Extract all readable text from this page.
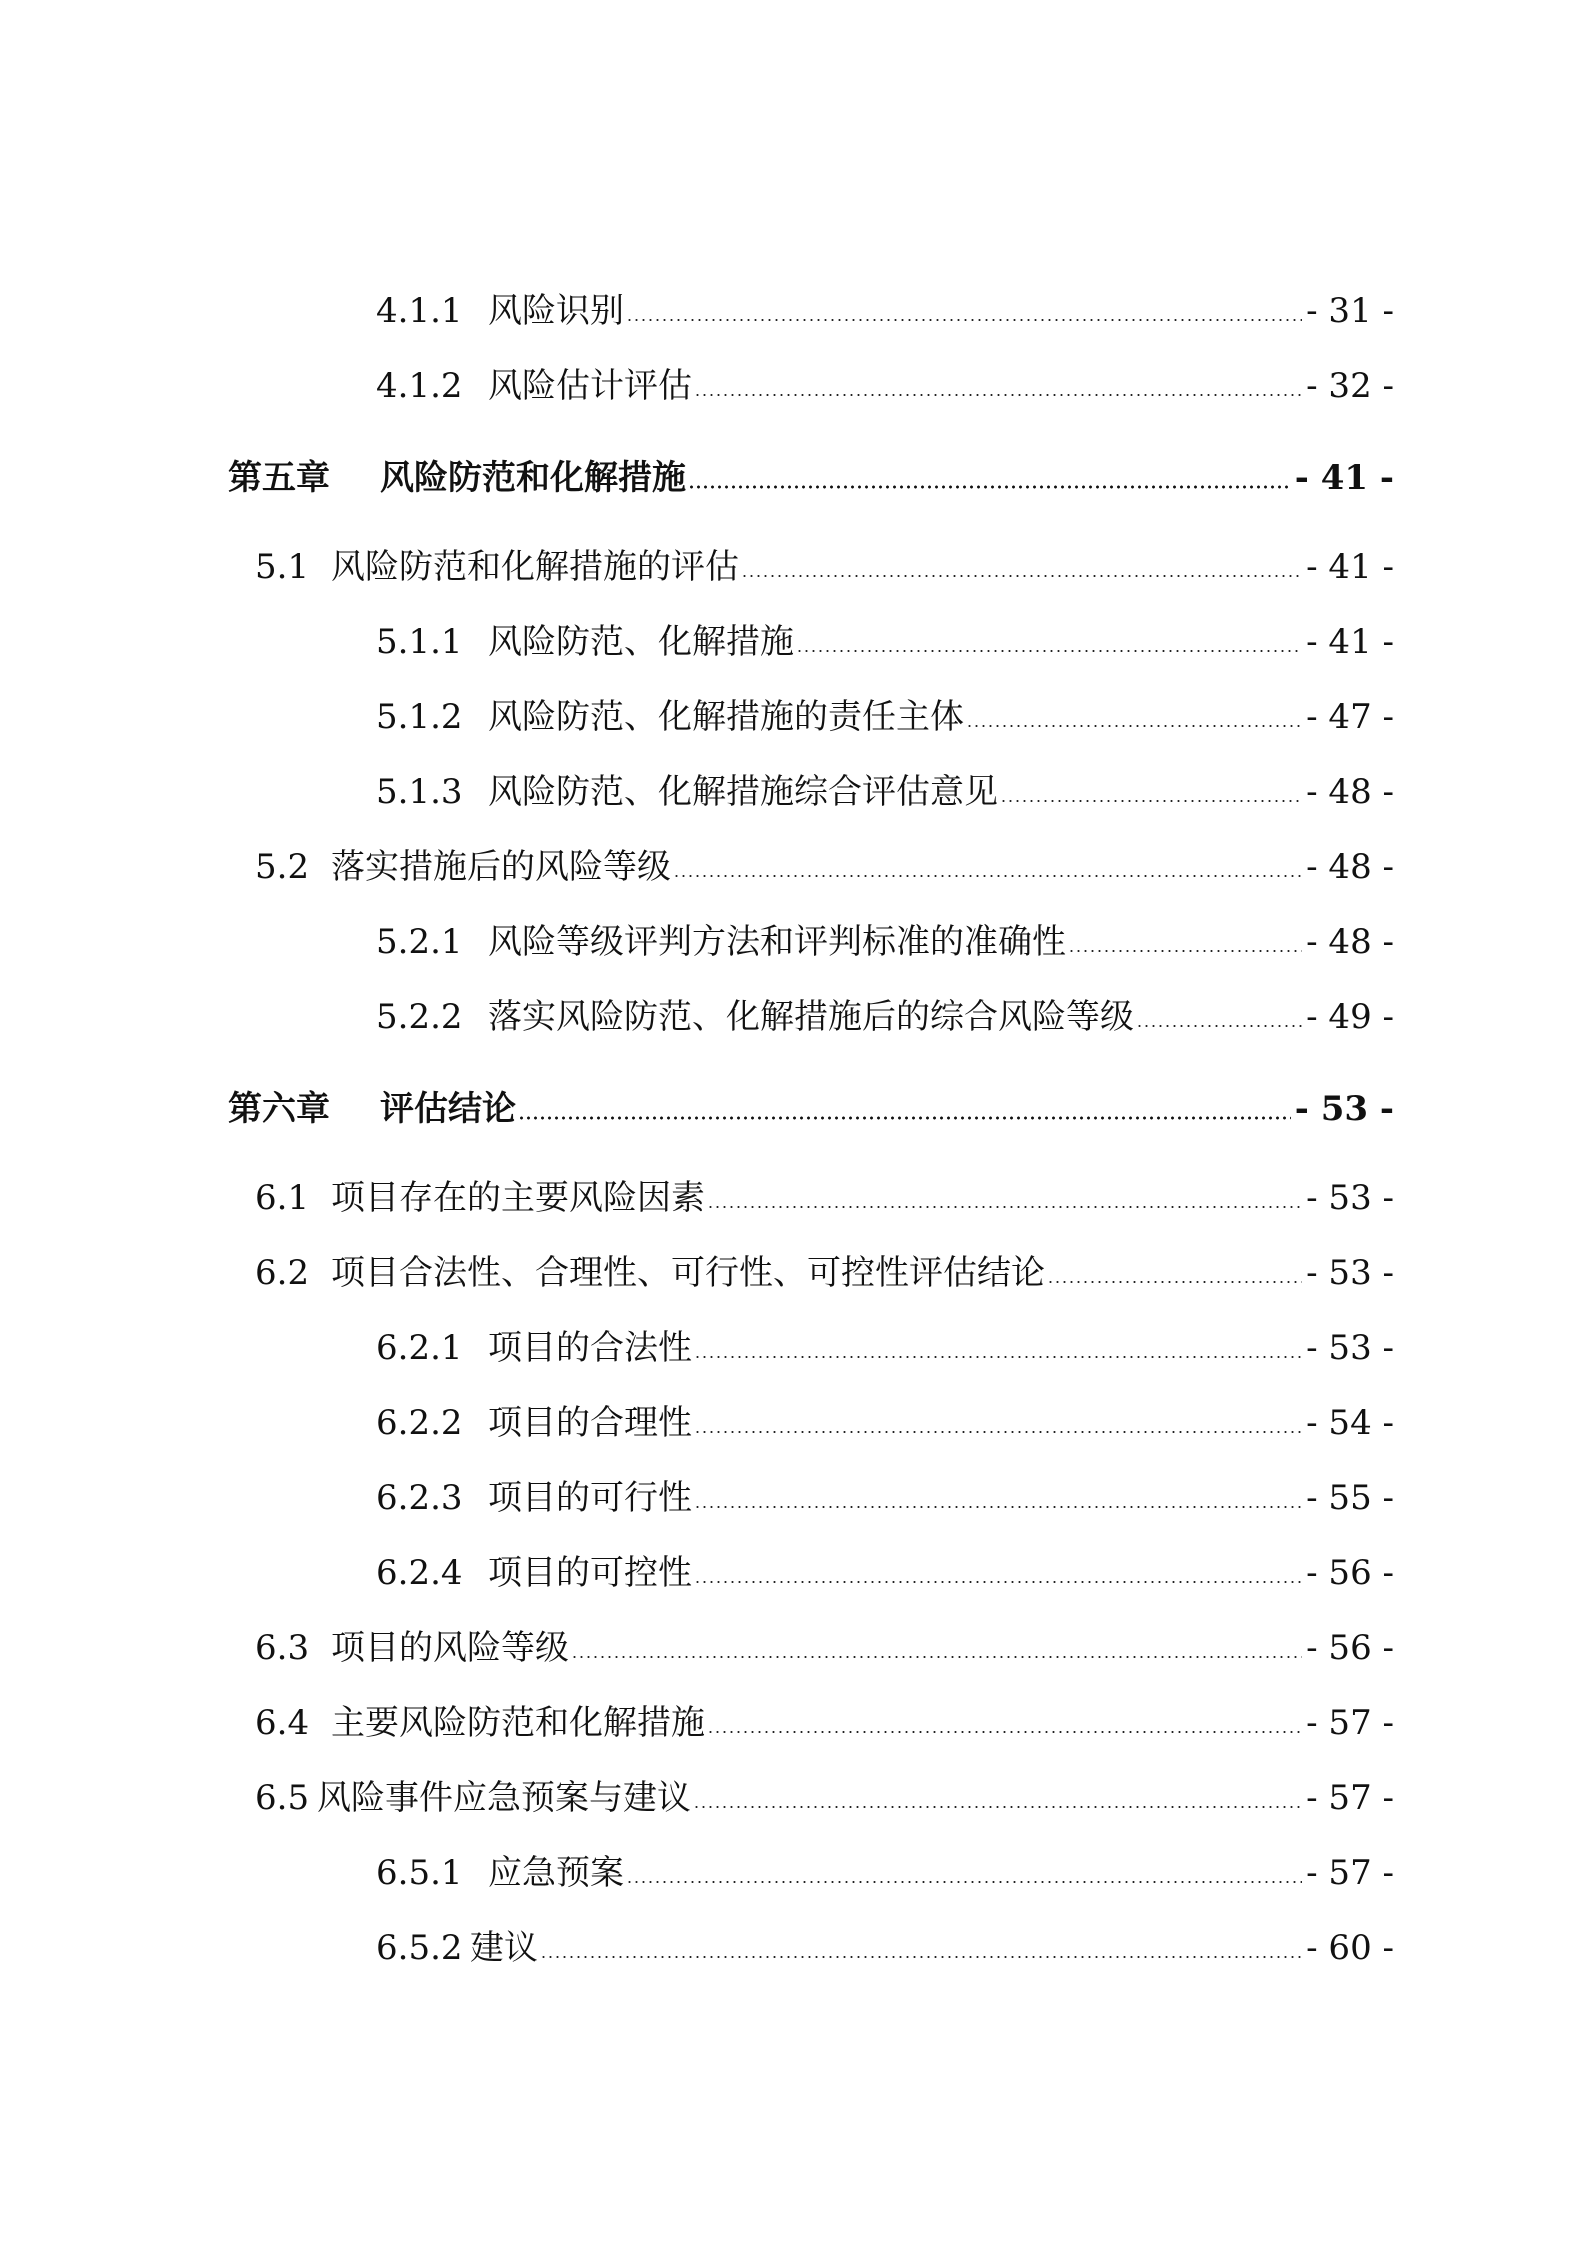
4.1.1 风险识别	- 31 -
4.1.2 风险估计评估	- 32 -
第五章	风险防范和化解措施	- 41 -
5.1 风险防范和化解措施的评估	- 41 -
5.1.1 风险防范、化解措施	- 41 -
5.1.2 风险防范、化解措施的责任主体	- 47 -
5.1.3 风险防范、化解措施综合评估意见	- 48 -
5.2 落实措施后的风险等级	- 48 -
5.2.1 风险等级评判方法和评判标准的准确性	- 48 -
5.2.2 落实风险防范、化解措施后的综合风险等级	- 49 -
第六章	评估结论	- 53 -
6.1 项目存在的主要风险因素	- 53 -
6.2 项目合法性、合理性、可行性、可控性评估结论	- 53 -
6.2.1 项目的合法性	- 53 -
6.2.2 项目的合理性	- 54 -
6.2.3 项目的可行性	- 55 -
6.2.4 项目的可控性	- 56 -
6.3 项目的风险等级	- 56 -
6.4 主要风险防范和化解措施	- 57 -
6.5 风险事件应急预案与建议	- 57 -
6.5.1 应急预案	- 57 -
6.5.2 建议	- 60 -
